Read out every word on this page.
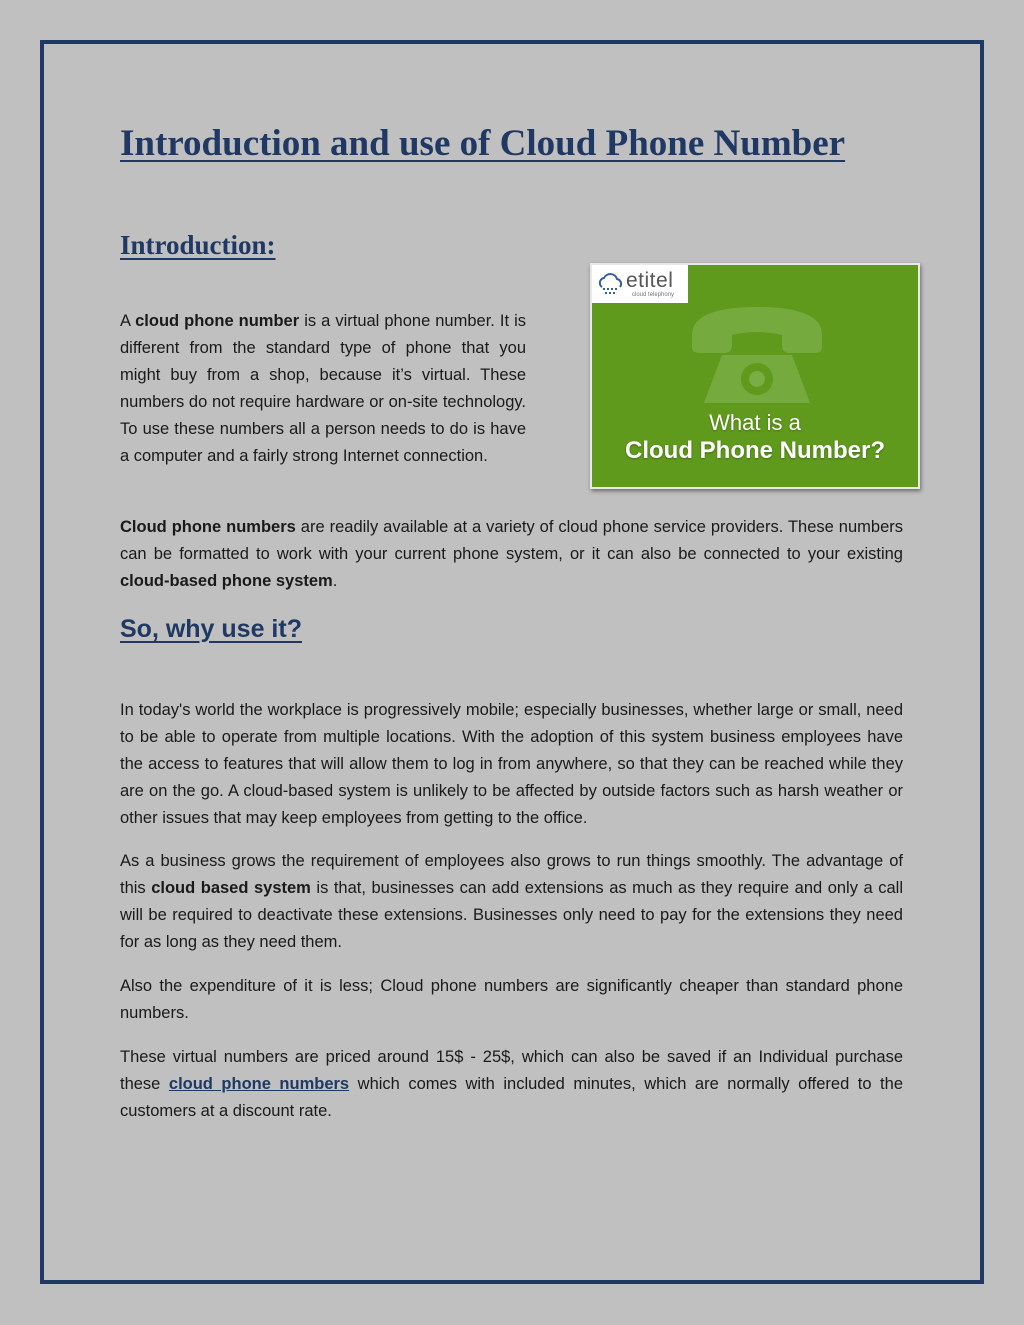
Introduction and use of Cloud Phone Number
Introduction:

A cloud phone number is a virtual phone number. It is different from the standard type of phone that you might buy from a shop, because it’s virtual. These numbers do not require hardware or on-site technology. To use these numbers all a person needs to do is have a computer and a fairly strong Internet connection.

etitel
cloud telephony

What is a

Cloud Phone Number?

Cloud phone numbers are readily available at a variety of cloud phone service providers. These numbers can be formatted to work with your current phone system, or it can also be connected to your existing cloud-based phone system.

So, why use it?

In today's world the workplace is progressively mobile; especially businesses, whether large or small, need to be able to operate from multiple locations. With the adoption of this system business employees have the access to features that will allow them to log in from anywhere, so that they can be reached while they are on the go. A cloud-based system is unlikely to be affected by outside factors such as harsh weather or other issues that may keep employees from getting to the office.

As a business grows the requirement of employees also grows to run things smoothly. The advantage of this cloud based system is that, businesses can add extensions as much as they require and only a call will be required to deactivate these extensions. Businesses only need to pay for the extensions they need for as long as they need them.

Also the expenditure of it is less; Cloud phone numbers are significantly cheaper than standard phone numbers.

These virtual numbers are priced around 15$ - 25$, which can also be saved if an Individual purchase these cloud phone numbers which comes with included minutes, which are normally offered to the customers at a discount rate.
